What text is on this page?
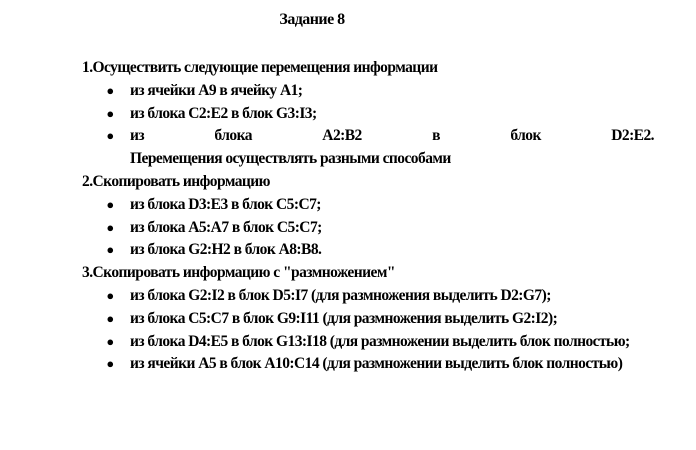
Задание 8
1.Осуществить следующие перемещения информации
● из ячейки А9 в ячейку А1;
● из блока С2:Е2 в блок G3:I3;
● из блока A2:B2 в блок D2:E2.
Перемещения осуществлять разными способами
2.Скопировать информацию
● из блока D3:E3 в блок С5:С7;
● из блока А5:А7 в блок С5:С7;
● из блока G2:H2 в блок А8:В8.
3.Скопировать информацию с "размножением"
● из блока G2:I2 в блок D5:I7 (для размножения выделить D2:G7);
● из блока С5:С7 в блок G9:I11 (для размножения выделить G2:I2);
● из блока D4:E5 в блок G13:I18 (для размножении выделить блок полностью;
● из ячейки А5 в блок А10:С14 (для размножении выделить блок полностью)
